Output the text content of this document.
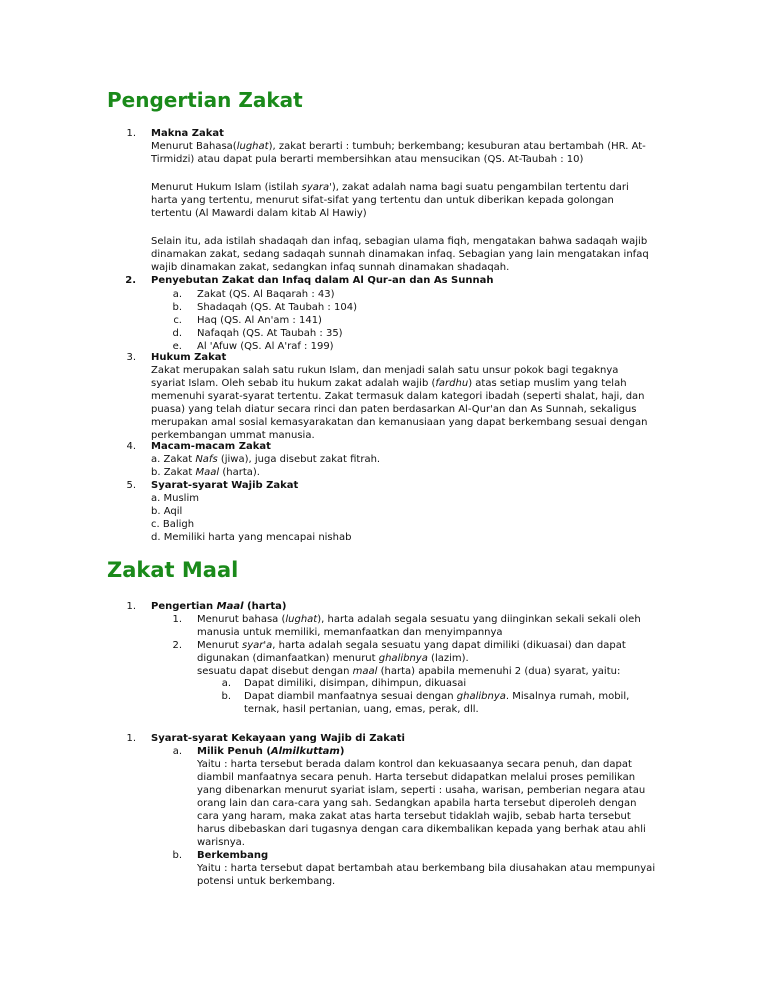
Pengertian Zakat
1. Makna Zakat
Menurut Bahasa(lughat), zakat berarti : tumbuh; berkembang; kesuburan atau bertambah (HR. At-
Tirmidzi) atau dapat pula berarti membersihkan atau mensucikan (QS. At-Taubah : 10)
Menurut Hukum Islam (istilah syara'), zakat adalah nama bagi suatu pengambilan tertentu dari
harta yang tertentu, menurut sifat-sifat yang tertentu dan untuk diberikan kepada golongan
tertentu (Al Mawardi dalam kitab Al Hawiy)
Selain itu, ada istilah shadaqah dan infaq, sebagian ulama fiqh, mengatakan bahwa sadaqah wajib
dinamakan zakat, sedang sadaqah sunnah dinamakan infaq. Sebagian yang lain mengatakan infaq
wajib dinamakan zakat, sedangkan infaq sunnah dinamakan shadaqah.
2. Penyebutan Zakat dan Infaq dalam Al Qur-an dan As Sunnah
a. Zakat (QS. Al Baqarah : 43)
b. Shadaqah (QS. At Taubah : 104)
c. Haq (QS. Al An'am : 141)
d. Nafaqah (QS. At Taubah : 35)
e. Al 'Afuw (QS. Al A'raf : 199)
3. Hukum Zakat
Zakat merupakan salah satu rukun Islam, dan menjadi salah satu unsur pokok bagi tegaknya
syariat Islam. Oleh sebab itu hukum zakat adalah wajib (fardhu) atas setiap muslim yang telah
memenuhi syarat-syarat tertentu. Zakat termasuk dalam kategori ibadah (seperti shalat, haji, dan
puasa) yang telah diatur secara rinci dan paten berdasarkan Al-Qur'an dan As Sunnah, sekaligus
merupakan amal sosial kemasyarakatan dan kemanusiaan yang dapat berkembang sesuai dengan
perkembangan ummat manusia.
4. Macam-macam Zakat
a. Zakat Nafs (jiwa), juga disebut zakat fitrah.
b. Zakat Maal (harta).
5. Syarat-syarat Wajib Zakat
a. Muslim
b. Aqil
c. Baligh
d. Memiliki harta yang mencapai nishab
Zakat Maal
1. Pengertian Maal (harta)
1. Menurut bahasa (lughat), harta adalah segala sesuatu yang diinginkan sekali sekali oleh
manusia untuk memiliki, memanfaatkan dan menyimpannya
2. Menurut syar'a, harta adalah segala sesuatu yang dapat dimiliki (dikuasai) dan dapat
digunakan (dimanfaatkan) menurut ghalibnya (lazim).
sesuatu dapat disebut dengan maal (harta) apabila memenuhi 2 (dua) syarat, yaitu:
a. Dapat dimiliki, disimpan, dihimpun, dikuasai
b. Dapat diambil manfaatnya sesuai dengan ghalibnya. Misalnya rumah, mobil,
ternak, hasil pertanian, uang, emas, perak, dll.
1. Syarat-syarat Kekayaan yang Wajib di Zakati
a. Milik Penuh (Almilkuttam)
Yaitu : harta tersebut berada dalam kontrol dan kekuasaanya secara penuh, dan dapat
diambil manfaatnya secara penuh. Harta tersebut didapatkan melalui proses pemilikan
yang dibenarkan menurut syariat islam, seperti : usaha, warisan, pemberian negara atau
orang lain dan cara-cara yang sah. Sedangkan apabila harta tersebut diperoleh dengan
cara yang haram, maka zakat atas harta tersebut tidaklah wajib, sebab harta tersebut
harus dibebaskan dari tugasnya dengan cara dikembalikan kepada yang berhak atau ahli
warisnya.
b. Berkembang
Yaitu : harta tersebut dapat bertambah atau berkembang bila diusahakan atau mempunyai
potensi untuk berkembang.
